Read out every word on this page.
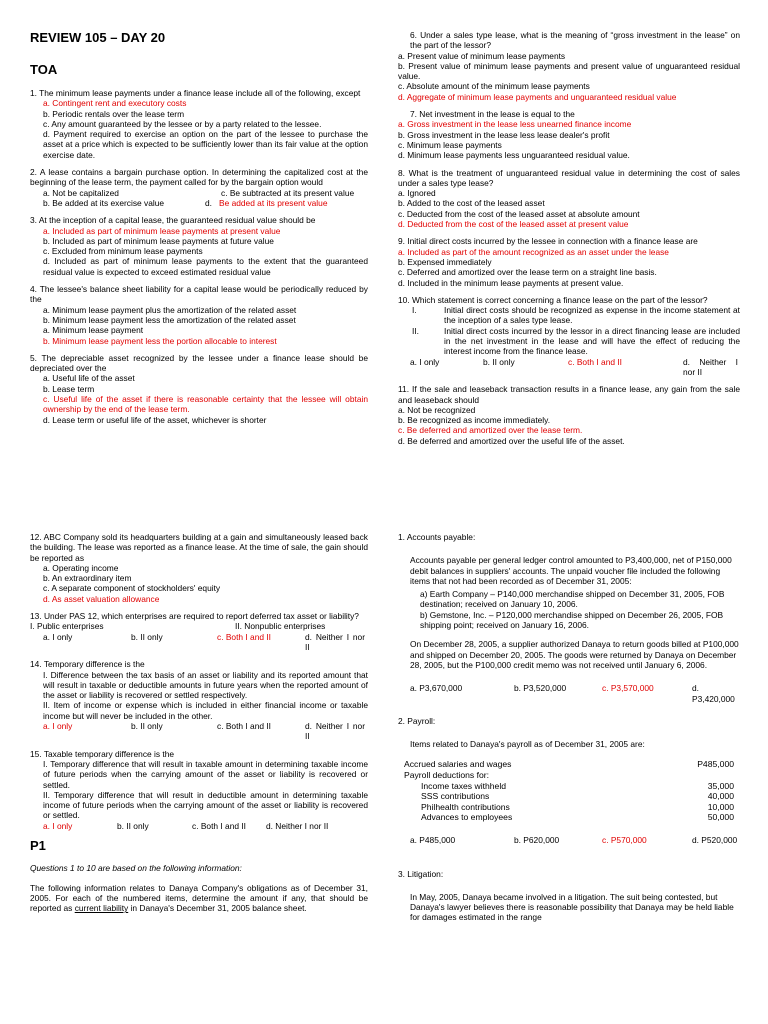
REVIEW 105 – DAY 20
TOA

1. The minimum lease payments under a finance lease include all of the following, except

a. Contingent rent and executory costs

b. Periodic rentals over the lease term

c. Any amount guaranteed by the lessee or by a party related to the lessee.

d. Payment required to exercise an option on the part of the lessee to purchase the asset at a price which is expected to be sufficiently lower than its fair value at the option exercise date.

2. A lease contains a bargain purchase option. In determining the capitalized cost at the beginning of the lease term, the payment called for by the bargain option would

a. Not be capitalized	c. Be subtracted at its present value
b. Be added at its exercise value	d. Be added at its present value

3. At the inception of a capital lease, the guaranteed residual value should be

a. Included as part of minimum lease payments at present value

b. Included as part of minimum lease payments at future value

c. Excluded from minimum lease payments

d. Included as part of minimum lease payments to the extent that the guaranteed residual value is expected to exceed estimated residual value

4. The lessee's balance sheet liability for a capital lease would be periodically reduced by the

a. Minimum lease payment plus the amortization of the related asset

b. Minimum lease payment less the amortization of the related asset

a. Minimum lease payment

b. Minimum lease payment less the portion allocable to interest

5. The depreciable asset recognized by the lessee under a finance lease should be depreciated over the

a. Useful life of the asset

b. Lease term

c. Useful life of the asset if there is reasonable certainty that the lessee will obtain ownership by the end of the lease term.

d. Lease term or useful life of the asset, whichever is shorter

6. Under a sales type lease, what is the meaning of “gross investment in the lease” on the part of the lessor?

a. Present value of minimum lease payments

b. Present value of minimum lease payments and present value of unguaranteed residual value.

c. Absolute amount of the minimum lease payments

d. Aggregate of minimum lease payments and unguaranteed residual value

7. Net investment in the lease is equal to the

a. Gross investment in the lease less unearned finance income

b. Gross investment in the lease less lease dealer's profit

c. Minimum lease payments

d. Minimum lease payments less unguaranteed residual value.

8. What is the treatment of unguaranteed residual value in determining the cost of sales under a sales type lease?

a. Ignored

b. Added to the cost of the leased asset

c. Deducted from the cost of the leased asset at absolute amount

d. Deducted from the cost of the leased asset at present value

9. Initial direct costs incurred by the lessee in connection with a finance lease are

a. Included as part of the amount recognized as an asset under the lease

b. Expensed immediately

c. Deferred and amortized over the lease term on a straight line basis.

d. Included in the minimum lease payments at present value.

10. Which statement is correct concerning a finance lease on the part of the lessor?

I.	Initial direct costs should be recognized as expense in the income statement at the inception of a sales type lease.
II.	Initial direct costs incurred by the lessor in a direct financing lease are included in the net investment in the lease and will have the effect of reducing the interest income from the finance lease.
a. I only	b. II only	c. Both I and II	d. Neither I nor II

11. If the sale and leaseback transaction results in a finance lease, any gain from the sale and leaseback should

a. Not be recognized

b. Be recognized as income immediately.

c. Be deferred and amortized over the lease term.

d. Be deferred and amortized over the useful life of the asset.

12. ABC Company sold its headquarters building at a gain and simultaneously leased back the building. The lease was reported as a finance lease. At the time of sale, the gain should be reported as

a. Operating income

b. An extraordinary item

c. A separate component of stockholders' equity

d. As asset valuation allowance

13. Under PAS 12, which enterprises are required to report deferred tax asset or liability?

I. Public enterprises	II. Nonpublic enterprises
a. I only	b. II only	c. Both I and II	d. Neither I nor II

14. Temporary difference is the

I. Difference between the tax basis of an asset or liability and its reported amount that will result in taxable or deductible amounts in future years when the reported amount of the asset or liability is recovered or settled respectively.

II. Item of income or expense which is included in either financial income or taxable income but will never be included in the other.

a. I only	b. II only	c. Both I and II	d. Neither I nor II

15. Taxable temporary difference is the

I. Temporary difference that will result in taxable amount in determining taxable income of future periods when the carrying amount of the asset or liability is recovered or settled.

II. Temporary difference that will result in deductible amount in determining taxable income of future periods when the carrying amount of the asset or liability is recovered or settled.

a. I only	b. II only	c. Both I and II	d. Neither I nor II
P1

Questions 1 to 10 are based on the following information:

The following information relates to Danaya Company's obligations as of December 31, 2005. For each of the numbered items, determine the amount if any, that should be reported as current liability in Danaya's December 31, 2005 balance sheet.

1. Accounts payable:

Accounts payable per general ledger control amounted to P3,400,000, net of P150,000 debit balances in suppliers' accounts. The unpaid voucher file included the following items that not had been recorded as of December 31, 2005:

a) Earth Company – P140,000 merchandise shipped on December 31, 2005, FOB destination; received on January 10, 2006.
b) Gemstone, Inc. – P120,000 merchandise shipped on December 26, 2005, FOB shipping point; received on January 16, 2006.

On December 28, 2005, a supplier authorized Danaya to return goods billed at P100,000 and shipped on December 20, 2005. The goods were returned by Danaya on December 28, 2005, but the P100,000 credit memo was not received until January 6, 2006.

a. P3,670,000	b. P3,520,000	c. P3,570,000	d. P3,420,000

2. Payroll:

Items related to Danaya's payroll as of December 31, 2005 are:

Accrued salaries and wages	P485,000
Payroll deductions for:	
Income taxes withheld	35,000
SSS contributions	40,000
Philhealth contributions	10,000
Advances to employees	50,000
a. P485,000	b. P620,000	c. P570,000	d. P520,000

3. Litigation:

In May, 2005, Danaya became involved in a litigation. The suit being contested, but Danaya's lawyer believes there is reasonable possibility that Danaya may be held liable for damages estimated in the range
